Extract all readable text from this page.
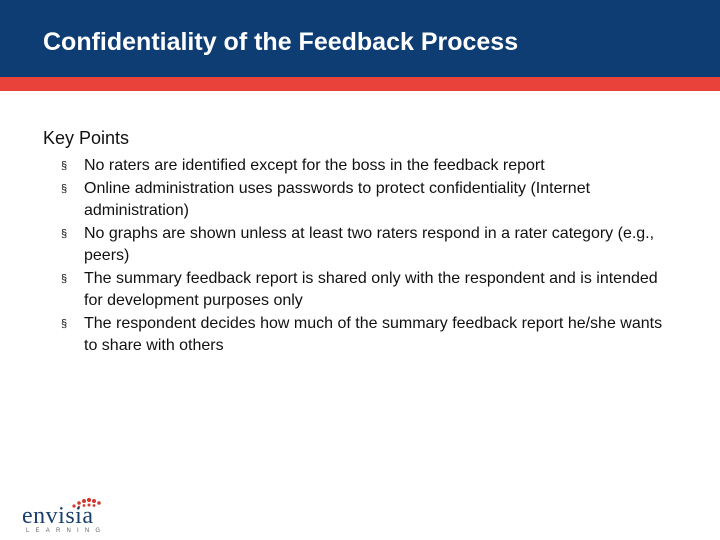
Confidentiality of the Feedback Process
Key Points
§ No raters are identified except for the boss in the feedback report
§ Online administration uses passwords to protect confidentiality (Internet administration)
§ No graphs are shown unless at least two raters respond in a rater category (e.g., peers)
§ The summary feedback report is shared only with the respondent and is intended for development purposes only
§ The respondent decides how much of the summary feedback report he/she wants to share with others
envisia
LEARNING
